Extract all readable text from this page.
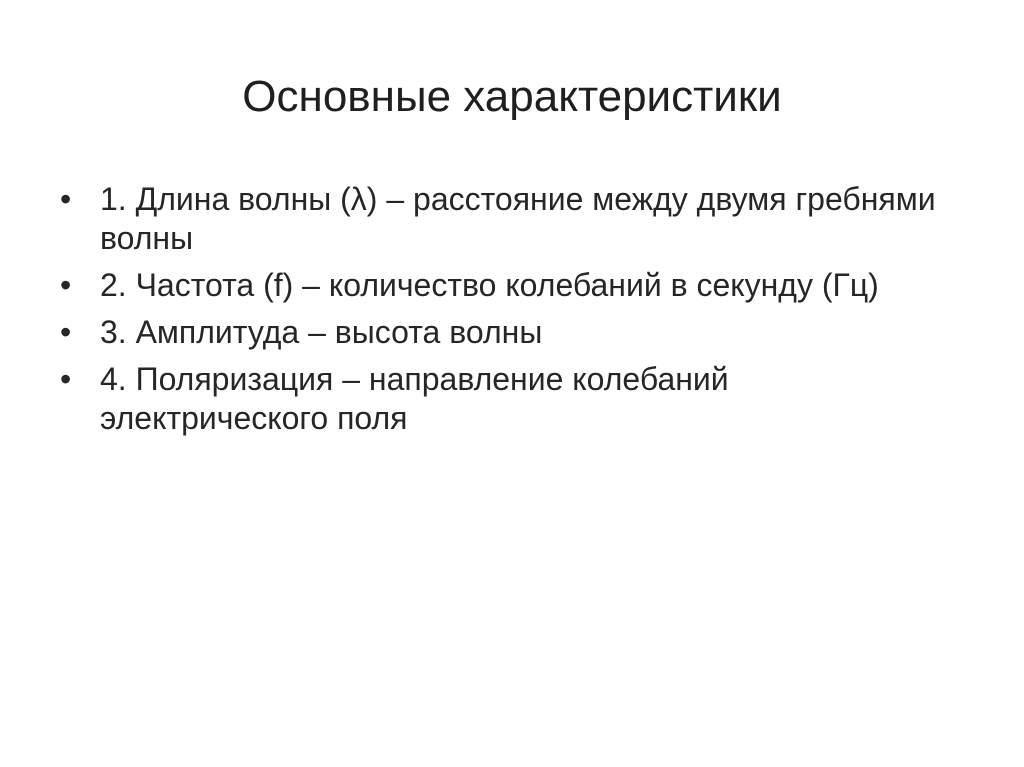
Основные характеристики
• 1. Длина волны (λ) – расстояние между двумя гребнями волны
• 2. Частота (f) – количество колебаний в секунду (Гц)
• 3. Амплитуда – высота волны
• 4. Поляризация – направление колебаний электрического поля
